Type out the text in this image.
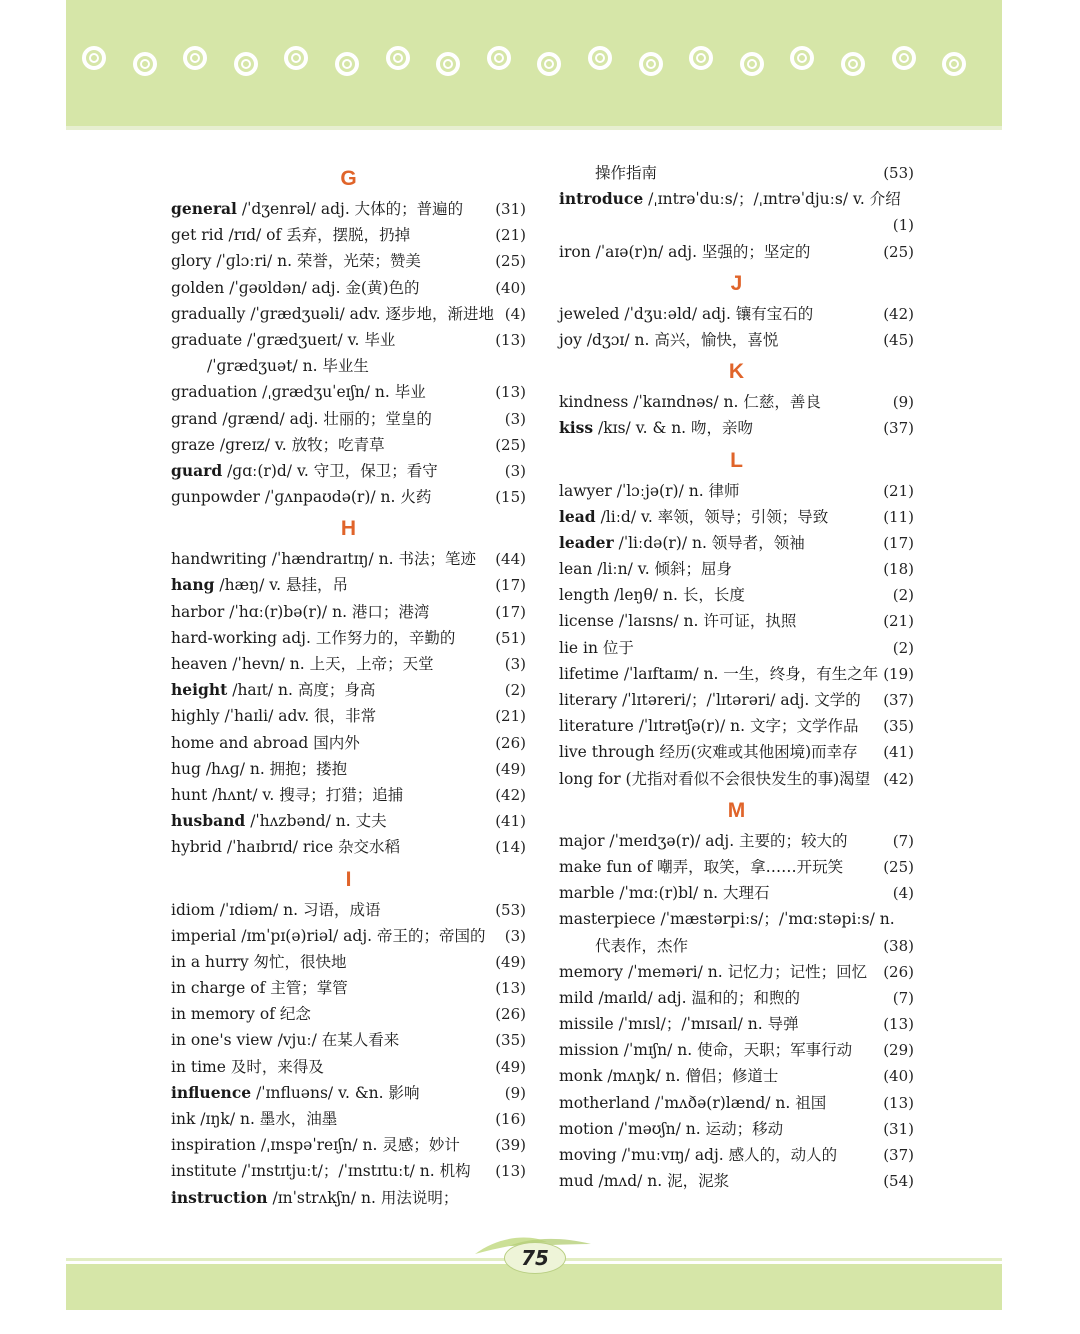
G
general /ˈdʒenrəl/ adj. 大体的；普遍的	(31)
get rid /rɪd/ of 丢弃，摆脱，扔掉	(21)
glory /ˈɡlɔːri/ n. 荣誉，光荣；赞美	(25)
golden /ˈɡəʊldən/ adj. 金(黄)色的	(40)
gradually /ˈɡrædʒuəli/ adv. 逐步地，渐进地 (4)
graduate /ˈɡrædʒueɪt/ v. 毕业	(13)
/ˈɡrædʒuət/ n. 毕业生
graduation /ˌɡrædʒuˈeɪʃn/ n. 毕业	(13)
grand /ɡrænd/ adj. 壮丽的；堂皇的	(3)
graze /ɡreɪz/ v. 放牧；吃青草	(25)
guard /ɡɑː(r)d/ v. 守卫，保卫；看守	(3)
gunpowder /ˈɡʌnpaʊdə(r)/ n. 火药	(15)
H
handwriting /ˈhændraɪtɪŋ/ n. 书法；笔迹	(44)
hang /hæŋ/ v. 悬挂，吊	(17)
harbor /ˈhɑː(r)bə(r)/ n. 港口；港湾	(17)
hard-working adj. 工作努力的，辛勤的	(51)
heaven /ˈhevn/ n. 上天，上帝；天堂	(3)
height /haɪt/ n. 高度；身高	(2)
highly /ˈhaɪli/ adv. 很，非常	(21)
home and abroad 国内外	(26)
hug /hʌɡ/ n. 拥抱；搂抱	(49)
hunt /hʌnt/ v. 搜寻；打猎；追捕	(42)
husband /ˈhʌzbənd/ n. 丈夫	(41)
hybrid /ˈhaɪbrɪd/ rice 杂交水稻	(14)
I
idiom /ˈɪdiəm/ n. 习语，成语	(53)
imperial /ɪmˈpɪ(ə)riəl/ adj. 帝王的；帝国的	(3)
in a hurry 匆忙，很快地	(49)
in charge of 主管；掌管	(13)
in memory of 纪念	(26)
in one's view /vjuː/ 在某人看来	(35)
in time 及时，来得及	(49)
influence /ˈɪnfluəns/ v. &n. 影响	(9)
ink /ɪŋk/ n. 墨水，油墨	(16)
inspiration /ˌɪnspəˈreɪʃn/ n. 灵感；妙计	(39)
institute /ˈɪnstɪtjuːt/；/ˈɪnstɪtuːt/ n. 机构	(13)
instruction /ɪnˈstrʌkʃn/ n. 用法说明；
操作指南	(53)
introduce /ˌɪntrəˈduːs/；/ˌɪntrəˈdjuːs/ v. 介绍
(1)
iron /ˈaɪə(r)n/ adj. 坚强的；坚定的	(25)
J
jeweled /ˈdʒuːəld/ adj. 镶有宝石的	(42)
joy /dʒɔɪ/ n. 高兴，愉快，喜悦	(45)
K
kindness /ˈkaɪndnəs/ n. 仁慈，善良	(9)
kiss /kɪs/ v. & n. 吻，亲吻	(37)
L
lawyer /ˈlɔːjə(r)/ n. 律师	(21)
lead /liːd/ v. 率领，领导；引领；导致	(11)
leader /ˈliːdə(r)/ n. 领导者，领袖	(17)
lean /liːn/ v. 倾斜；屈身	(18)
length /leŋθ/ n. 长，长度	(2)
license /ˈlaɪsns/ n. 许可证，执照	(21)
lie in 位于	(2)
lifetime /ˈlaɪftaɪm/ n. 一生，终身，有生之年 (19)
literary /ˈlɪtəreri/；/ˈlɪtərəri/ adj. 文学的	(37)
literature /ˈlɪtrətʃə(r)/ n. 文字；文学作品	(35)
live through 经历(灾难或其他困境)而幸存	(41)
long for (尤指对看似不会很快发生的事)渴望 (42)
M
major /ˈmeɪdʒə(r)/ adj. 主要的；较大的	(7)
make fun of 嘲弄，取笑，拿……开玩笑	(25)
marble /ˈmɑː(r)bl/ n. 大理石	(4)
masterpiece /ˈmæstərpiːs/；/ˈmɑːstəpiːs/ n.
代表作，杰作	(38)
memory /ˈmeməri/ n. 记忆力；记性；回忆	(26)
mild /maɪld/ adj. 温和的；和煦的	(7)
missile /ˈmɪsl/；/ˈmɪsaɪl/ n. 导弹	(13)
mission /ˈmɪʃn/ n. 使命，天职；军事行动	(29)
monk /mʌŋk/ n. 僧侣；修道士	(40)
motherland /ˈmʌðə(r)lænd/ n. 祖国	(13)
motion /ˈməʊʃn/ n. 运动；移动	(31)
moving /ˈmuːvɪŋ/ adj. 感人的，动人的	(37)
mud /mʌd/ n. 泥，泥浆	(54)
75
